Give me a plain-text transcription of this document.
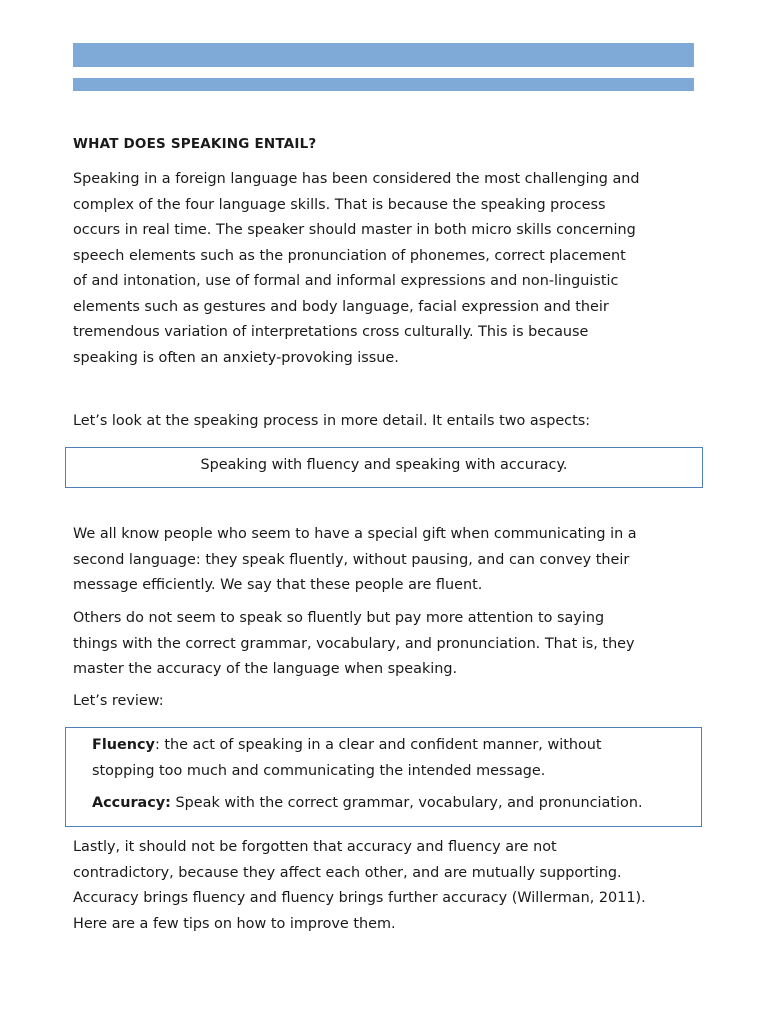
WHAT DOES SPEAKING ENTAIL?

Speaking in a foreign language has been considered the most challenging and
complex of the four language skills. That is because the speaking process
occurs in real time. The speaker should master in both micro skills concerning
speech elements such as the pronunciation of phonemes, correct placement
of and intonation, use of formal and informal expressions and non-linguistic
elements such as gestures and body language, facial expression and their
tremendous variation of interpretations cross culturally. This is because
speaking is often an anxiety-provoking issue.

Let’s look at the speaking process in more detail. It entails two aspects:

Speaking with fluency and speaking with accuracy.

We all know people who seem to have a special gift when communicating in a
second language: they speak fluently, without pausing, and can convey their
message efficiently. We say that these people are fluent.

Others do not seem to speak so fluently but pay more attention to saying
things with the correct grammar, vocabulary, and pronunciation. That is, they
master the accuracy of the language when speaking.

Let’s review:

Fluency: the act of speaking in a clear and confident manner, without
stopping too much and communicating the intended message.

Accuracy: Speak with the correct grammar, vocabulary, and pronunciation.

Lastly, it should not be forgotten that accuracy and fluency are not
contradictory, because they affect each other, and are mutually supporting.
Accuracy brings fluency and fluency brings further accuracy (Willerman, 2011).
Here are a few tips on how to improve them.
